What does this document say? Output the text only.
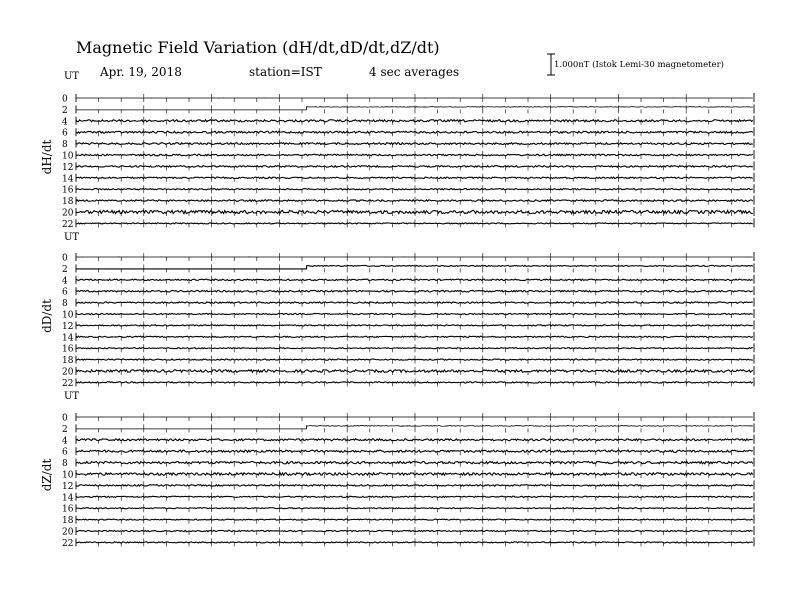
Magnetic Field Variation (dH/dt,dD/dt,dZ/dt)
Apr. 19, 2018	station=IST	4 sec averages	1.000nT (Istok Lemi-30 magnetometer)
UT
dH/dt
0
2
4
6
8
10
12
14
16
18
20
22
UT
dD/dt
0
2
4
6
8
10
12
14
16
18
20
22
UT
dZ/dt
0
2
4
6
8
10
12
14
16
18
20
22
